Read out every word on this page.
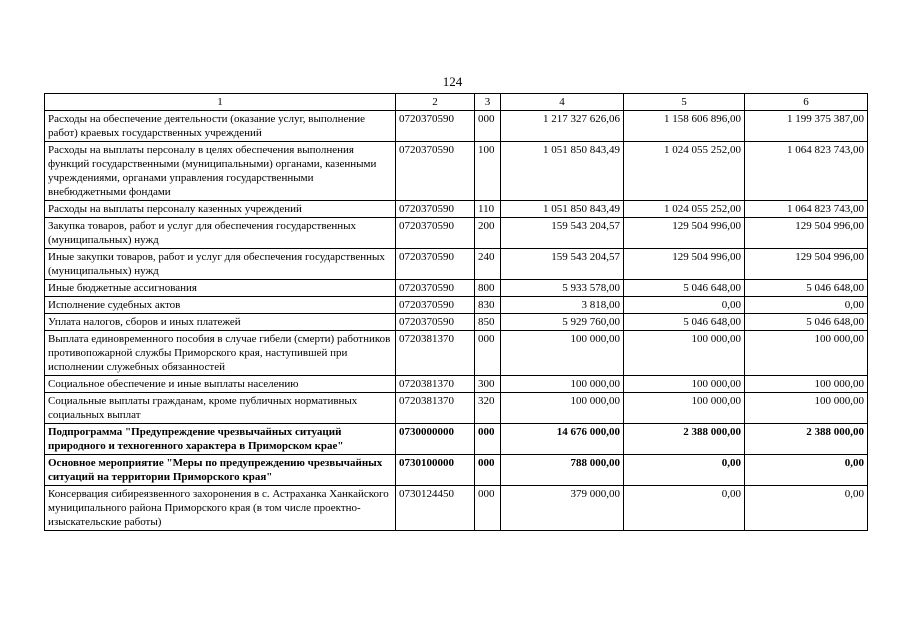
124
1	2	3	4	5	6
Расходы на обеспечение деятельности (оказание услуг, выполнение работ) краевых государственных учреждений	0720370590	000	1 217 327 626,06	1 158 606 896,00	1 199 375 387,00
Расходы на выплаты персоналу в целях обеспечения выполнения функций государственными (муниципальными) органами, казенными учреждениями, органами управления государственными внебюджетными фондами	0720370590	100	1 051 850 843,49	1 024 055 252,00	1 064 823 743,00
Расходы на выплаты персоналу казенных учреждений	0720370590	110	1 051 850 843,49	1 024 055 252,00	1 064 823 743,00
Закупка товаров, работ и услуг для обеспечения государственных (муниципальных) нужд	0720370590	200	159 543 204,57	129 504 996,00	129 504 996,00
Иные закупки товаров, работ и услуг для обеспечения государственных (муниципальных) нужд	0720370590	240	159 543 204,57	129 504 996,00	129 504 996,00
Иные бюджетные ассигнования	0720370590	800	5 933 578,00	5 046 648,00	5 046 648,00
Исполнение судебных актов	0720370590	830	3 818,00	0,00	0,00
Уплата налогов, сборов и иных платежей	0720370590	850	5 929 760,00	5 046 648,00	5 046 648,00
Выплата единовременного пособия в случае гибели (смерти) работников противопожарной службы Приморского края, наступившей при исполнении служебных обязанностей	0720381370	000	100 000,00	100 000,00	100 000,00
Социальное обеспечение и иные выплаты населению	0720381370	300	100 000,00	100 000,00	100 000,00
Социальные выплаты гражданам, кроме публичных нормативных социальных выплат	0720381370	320	100 000,00	100 000,00	100 000,00
Подпрограмма "Предупреждение чрезвычайных ситуаций природного и техногенного характера в Приморском крае"	0730000000	000	14 676 000,00	2 388 000,00	2 388 000,00
Основное мероприятие "Меры по предупреждению чрезвычайных ситуаций на территории Приморского края"	0730100000	000	788 000,00	0,00	0,00
Консервация сибиреязвенного захоронения в с. Астраханка Ханкайского муниципального района Приморского края (в том числе проектно-изыскательские работы)	0730124450	000	379 000,00	0,00	0,00
